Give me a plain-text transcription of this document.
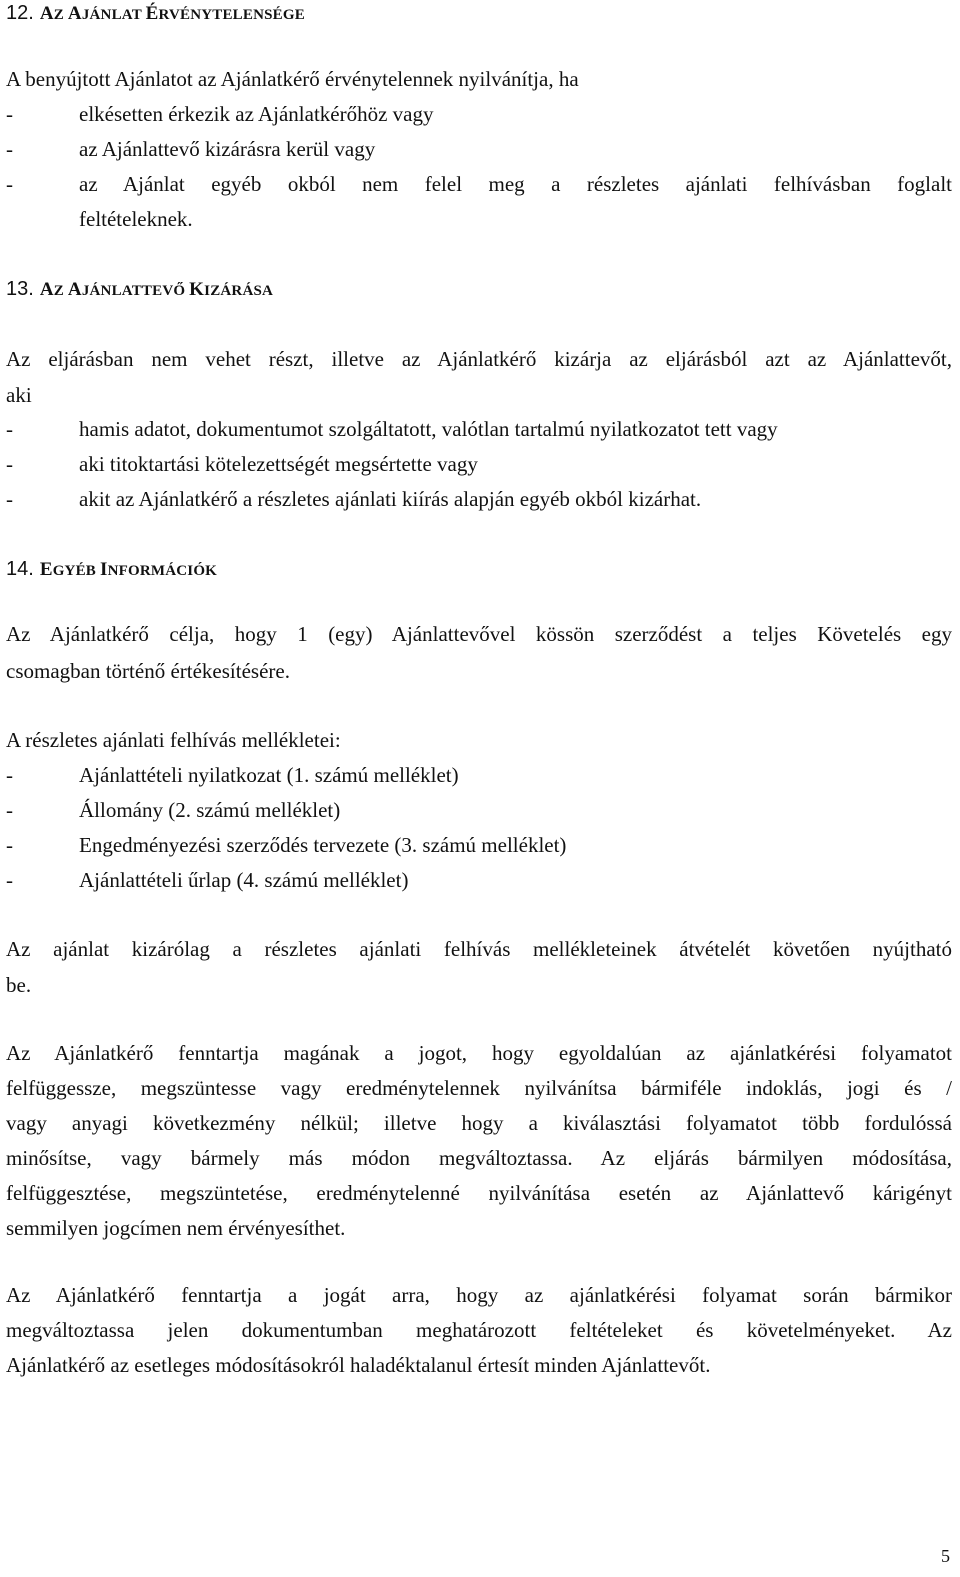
12. AZ AJÁNLAT ÉRVÉNYTELENSÉGE
A benyújtott Ajánlatot az Ajánlatkérő érvénytelennek nyilvánítja, ha
-	elkésetten érkezik az Ajánlatkérőhöz vagy
-	az Ajánlattevő kizárásra kerül vagy
-	az Ajánlat egyéb okból nem felel meg a részletes ajánlati felhívásban foglalt
feltételeknek.
13. AZ AJÁNLATTEVŐ KIZÁRÁSA
Az eljárásban nem vehet részt, illetve az Ajánlatkérő kizárja az eljárásból azt az Ajánlattevőt,
aki
-	hamis adatot, dokumentumot szolgáltatott, valótlan tartalmú nyilatkozatot tett vagy
-	aki titoktartási kötelezettségét megsértette vagy
-	akit az Ajánlatkérő a részletes ajánlati kiírás alapján egyéb okból kizárhat.
14. EGYÉB INFORMÁCIÓK
Az Ajánlatkérő célja, hogy 1 (egy) Ajánlattevővel kössön szerződést a teljes Követelés egy
csomagban történő értékesítésére.
A részletes ajánlati felhívás mellékletei:
-	Ajánlattételi nyilatkozat (1. számú melléklet)
-	Állomány (2. számú melléklet)
-	Engedményezési szerződés tervezete (3. számú melléklet)
-	Ajánlattételi űrlap (4. számú melléklet)
Az ajánlat kizárólag a részletes ajánlati felhívás mellékleteinek átvételét követően nyújtható
be.
Az Ajánlatkérő fenntartja magának a jogot, hogy egyoldalúan az ajánlatkérési folyamatot
felfüggessze, megszüntesse vagy eredménytelennek nyilvánítsa bármiféle indoklás, jogi és /
vagy anyagi következmény nélkül; illetve hogy a kiválasztási folyamatot több fordulóssá
minősítse, vagy bármely más módon megváltoztassa. Az eljárás bármilyen módosítása,
felfüggesztése, megszüntetése, eredménytelenné nyilvánítása esetén az Ajánlattevő kárigényt
semmilyen jogcímen nem érvényesíthet.
Az Ajánlatkérő fenntartja a jogát arra, hogy az ajánlatkérési folyamat során bármikor
megváltoztassa jelen dokumentumban meghatározott feltételeket és követelményeket. Az
Ajánlatkérő az esetleges módosításokról haladéktalanul értesít minden Ajánlattevőt.
5
